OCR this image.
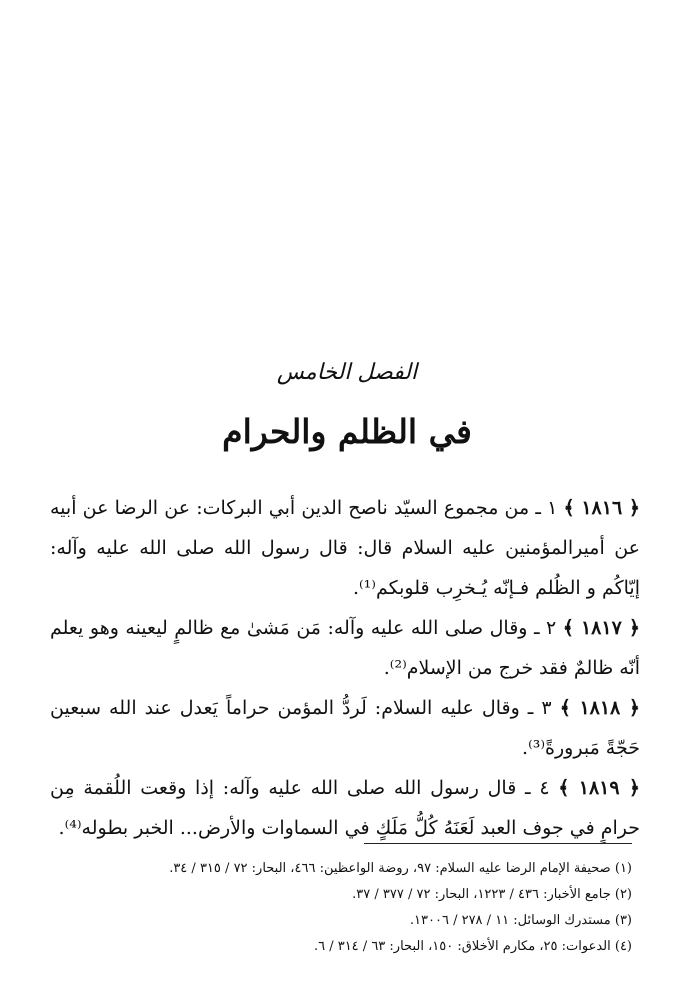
الفصل الخامس
في الظلم والحرام

﴿ ١٨١٦ ﴾ ١ ـ من مجموع السيّد ناصح الدين أبي البركات: عن الرضا عن أبيه عن أميرالمؤمنين عليه السلام قال: قال رسول الله صلى الله عليه وآله: إيّاكُم و الظُلم فـإنّه يُـخرِب قلوبكم⁽¹⁾.

﴿ ١٨١٧ ﴾ ٢ ـ وقال صلى الله عليه وآله: مَن مَشىٰ مع ظالمٍ ليعينه وهو يعلم أنّه ظالمٌ فقد خرج من الإسلام⁽²⁾.

﴿ ١٨١٨ ﴾ ٣ ـ وقال عليه السلام: لَردُّ المؤمن حراماً يَعدل عند الله سبعين حَجّةً مَبرورةً⁽³⁾.

﴿ ١٨١٩ ﴾ ٤ ـ قال رسول الله صلى الله عليه وآله: إذا وقعت اللُقمة مِن حرامٍ في جوف العبد لَعَنَهُ كُلُّ مَلَكٍ في السماوات والأرض... الخبر بطوله⁽⁴⁾.

(١) صحيفة الإمام الرضا عليه السلام: ٩٧، روضة الواعظين: ٤٦٦، البحار: ٧٢ / ٣١٥ / ٣٤.

(٢) جامع الأخبار: ٤٣٦ / ١٢٢٣، البحار: ٧٢ / ٣٧٧ / ٣٧.

(٣) مستدرك الوسائل: ١١ / ٢٧٨ / ١٣٠٠٦.

(٤) الدعوات: ٢٥، مكارم الأخلاق: ١٥٠، البحار: ٦٣ / ٣١٤ / ٦.
